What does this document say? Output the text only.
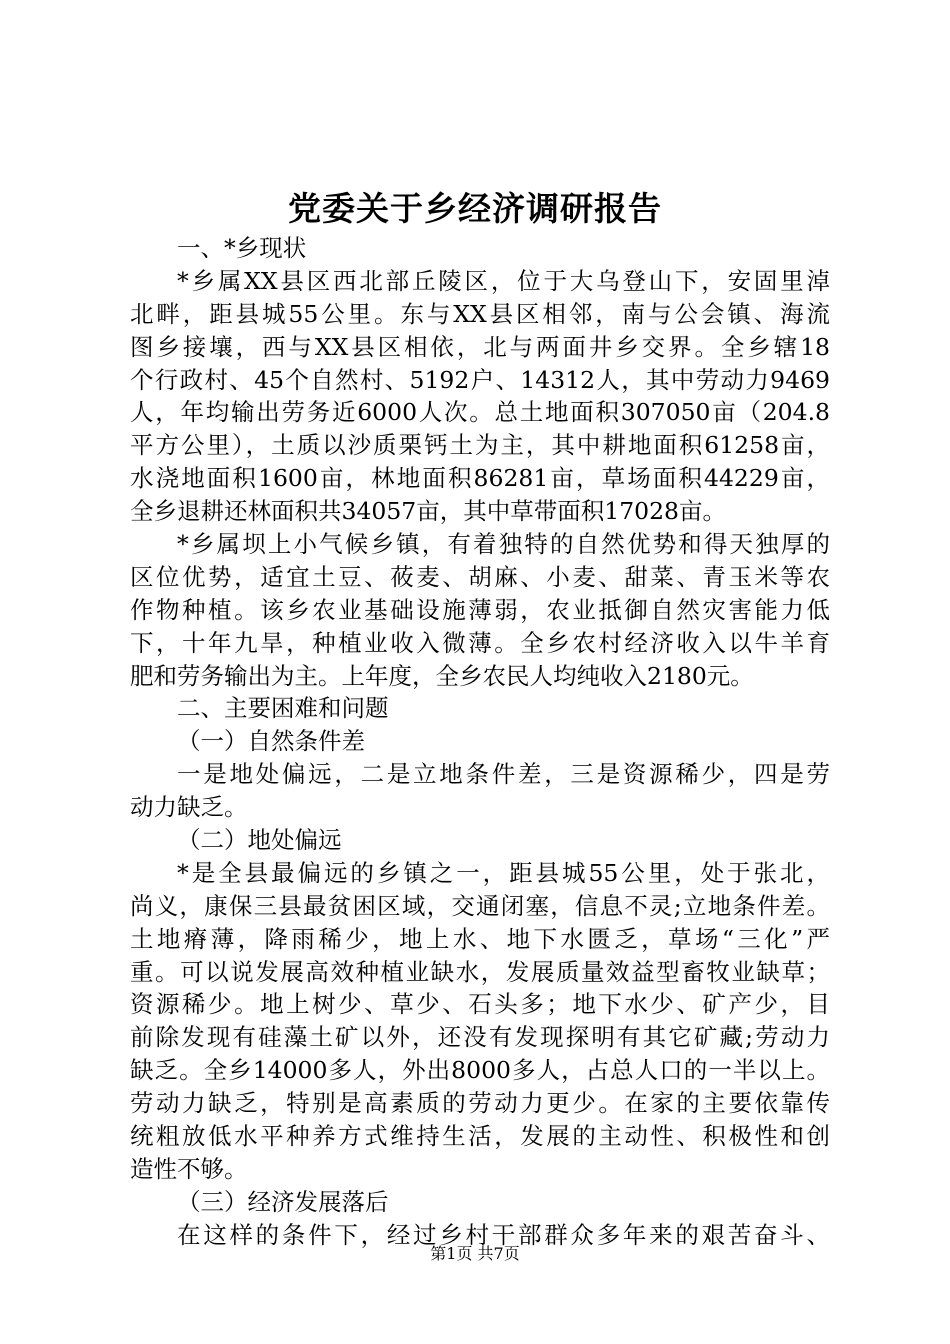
党委关于乡经济调研报告
一、*乡现状
*乡属XX县区西北部丘陵区，位于大乌登山下，安固里淖
北畔，距县城55公里。东与XX县区相邻，南与公会镇、海流
图乡接壤，西与XX县区相依，北与两面井乡交界。全乡辖18
个行政村、45个自然村、5192户、14312人，其中劳动力9469
人，年均输出劳务近6000人次。总土地面积307050亩（204.8
平方公里），土质以沙质栗钙土为主，其中耕地面积61258亩，
水浇地面积1600亩，林地面积86281亩，草场面积44229亩，
全乡退耕还林面积共34057亩，其中草带面积17028亩。
*乡属坝上小气候乡镇，有着独特的自然优势和得天独厚的
区位优势，适宜土豆、莜麦、胡麻、小麦、甜菜、青玉米等农
作物种植。该乡农业基础设施薄弱，农业抵御自然灾害能力低
下，十年九旱，种植业收入微薄。全乡农村经济收入以牛羊育
肥和劳务输出为主。上年度，全乡农民人均纯收入2180元。
二、主要困难和问题
（一）自然条件差
一是地处偏远，二是立地条件差，三是资源稀少，四是劳
动力缺乏。
（二）地处偏远
*是全县最偏远的乡镇之一，距县城55公里，处于张北，
尚义，康保三县最贫困区域，交通闭塞，信息不灵;立地条件差。
土地瘠薄，降雨稀少，地上水、地下水匮乏，草场“三化”严
重。可以说发展高效种植业缺水，发展质量效益型畜牧业缺草；
资源稀少。地上树少、草少、石头多；地下水少、矿产少，目
前除发现有硅藻土矿以外，还没有发现探明有其它矿藏;劳动力
缺乏。全乡14000多人，外出8000多人，占总人口的一半以上。
劳动力缺乏，特别是高素质的劳动力更少。在家的主要依靠传
统粗放低水平种养方式维持生活，发展的主动性、积极性和创
造性不够。
（三）经济发展落后
在这样的条件下，经过乡村干部群众多年来的艰苦奋斗、
第1页 共7页
